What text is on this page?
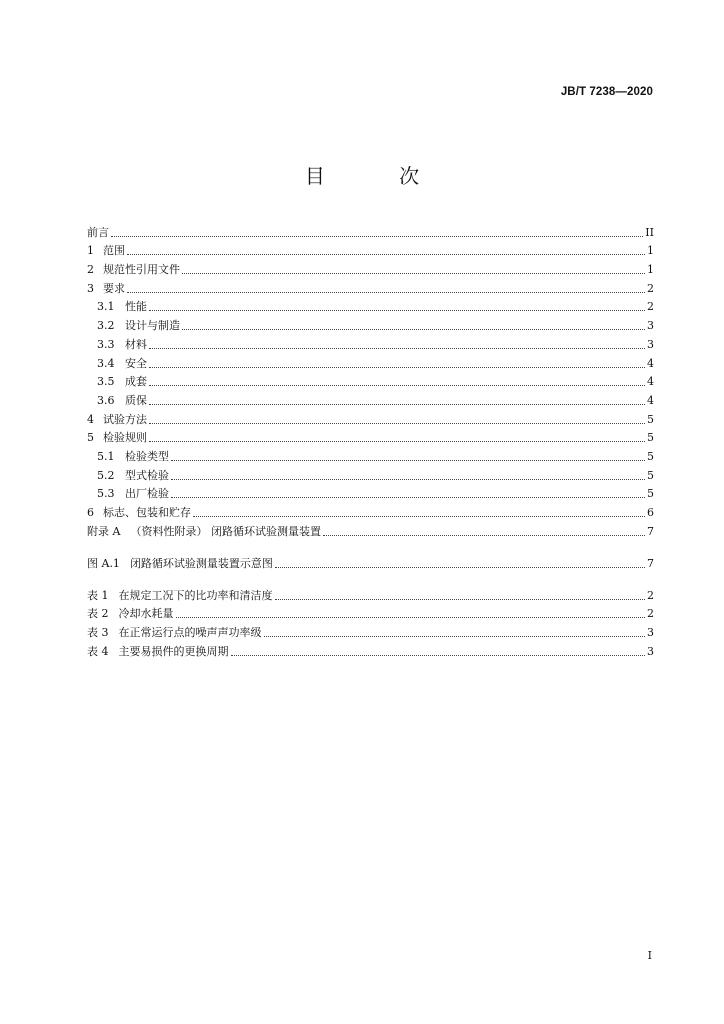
JB/T 7238—2020
目 次
前言	II
1 范围	1
2 规范性引用文件	1
3 要求	2
3.1 性能	2
3.2 设计与制造	3
3.3 材料	3
3.4 安全	4
3.5 成套	4
3.6 质保	4
4 试验方法	5
5 检验规则	5
5.1 检验类型	5
5.2 型式检验	5
5.3 出厂检验	5
6 标志、包装和贮存	6
附录 A （资料性附录） 闭路循环试验测量装置	7
图 A.1 闭路循环试验测量装置示意图	7
表 1 在规定工况下的比功率和清洁度	2
表 2 冷却水耗量	2
表 3 在正常运行点的噪声声功率级	3
表 4 主要易损件的更换周期	3
I
